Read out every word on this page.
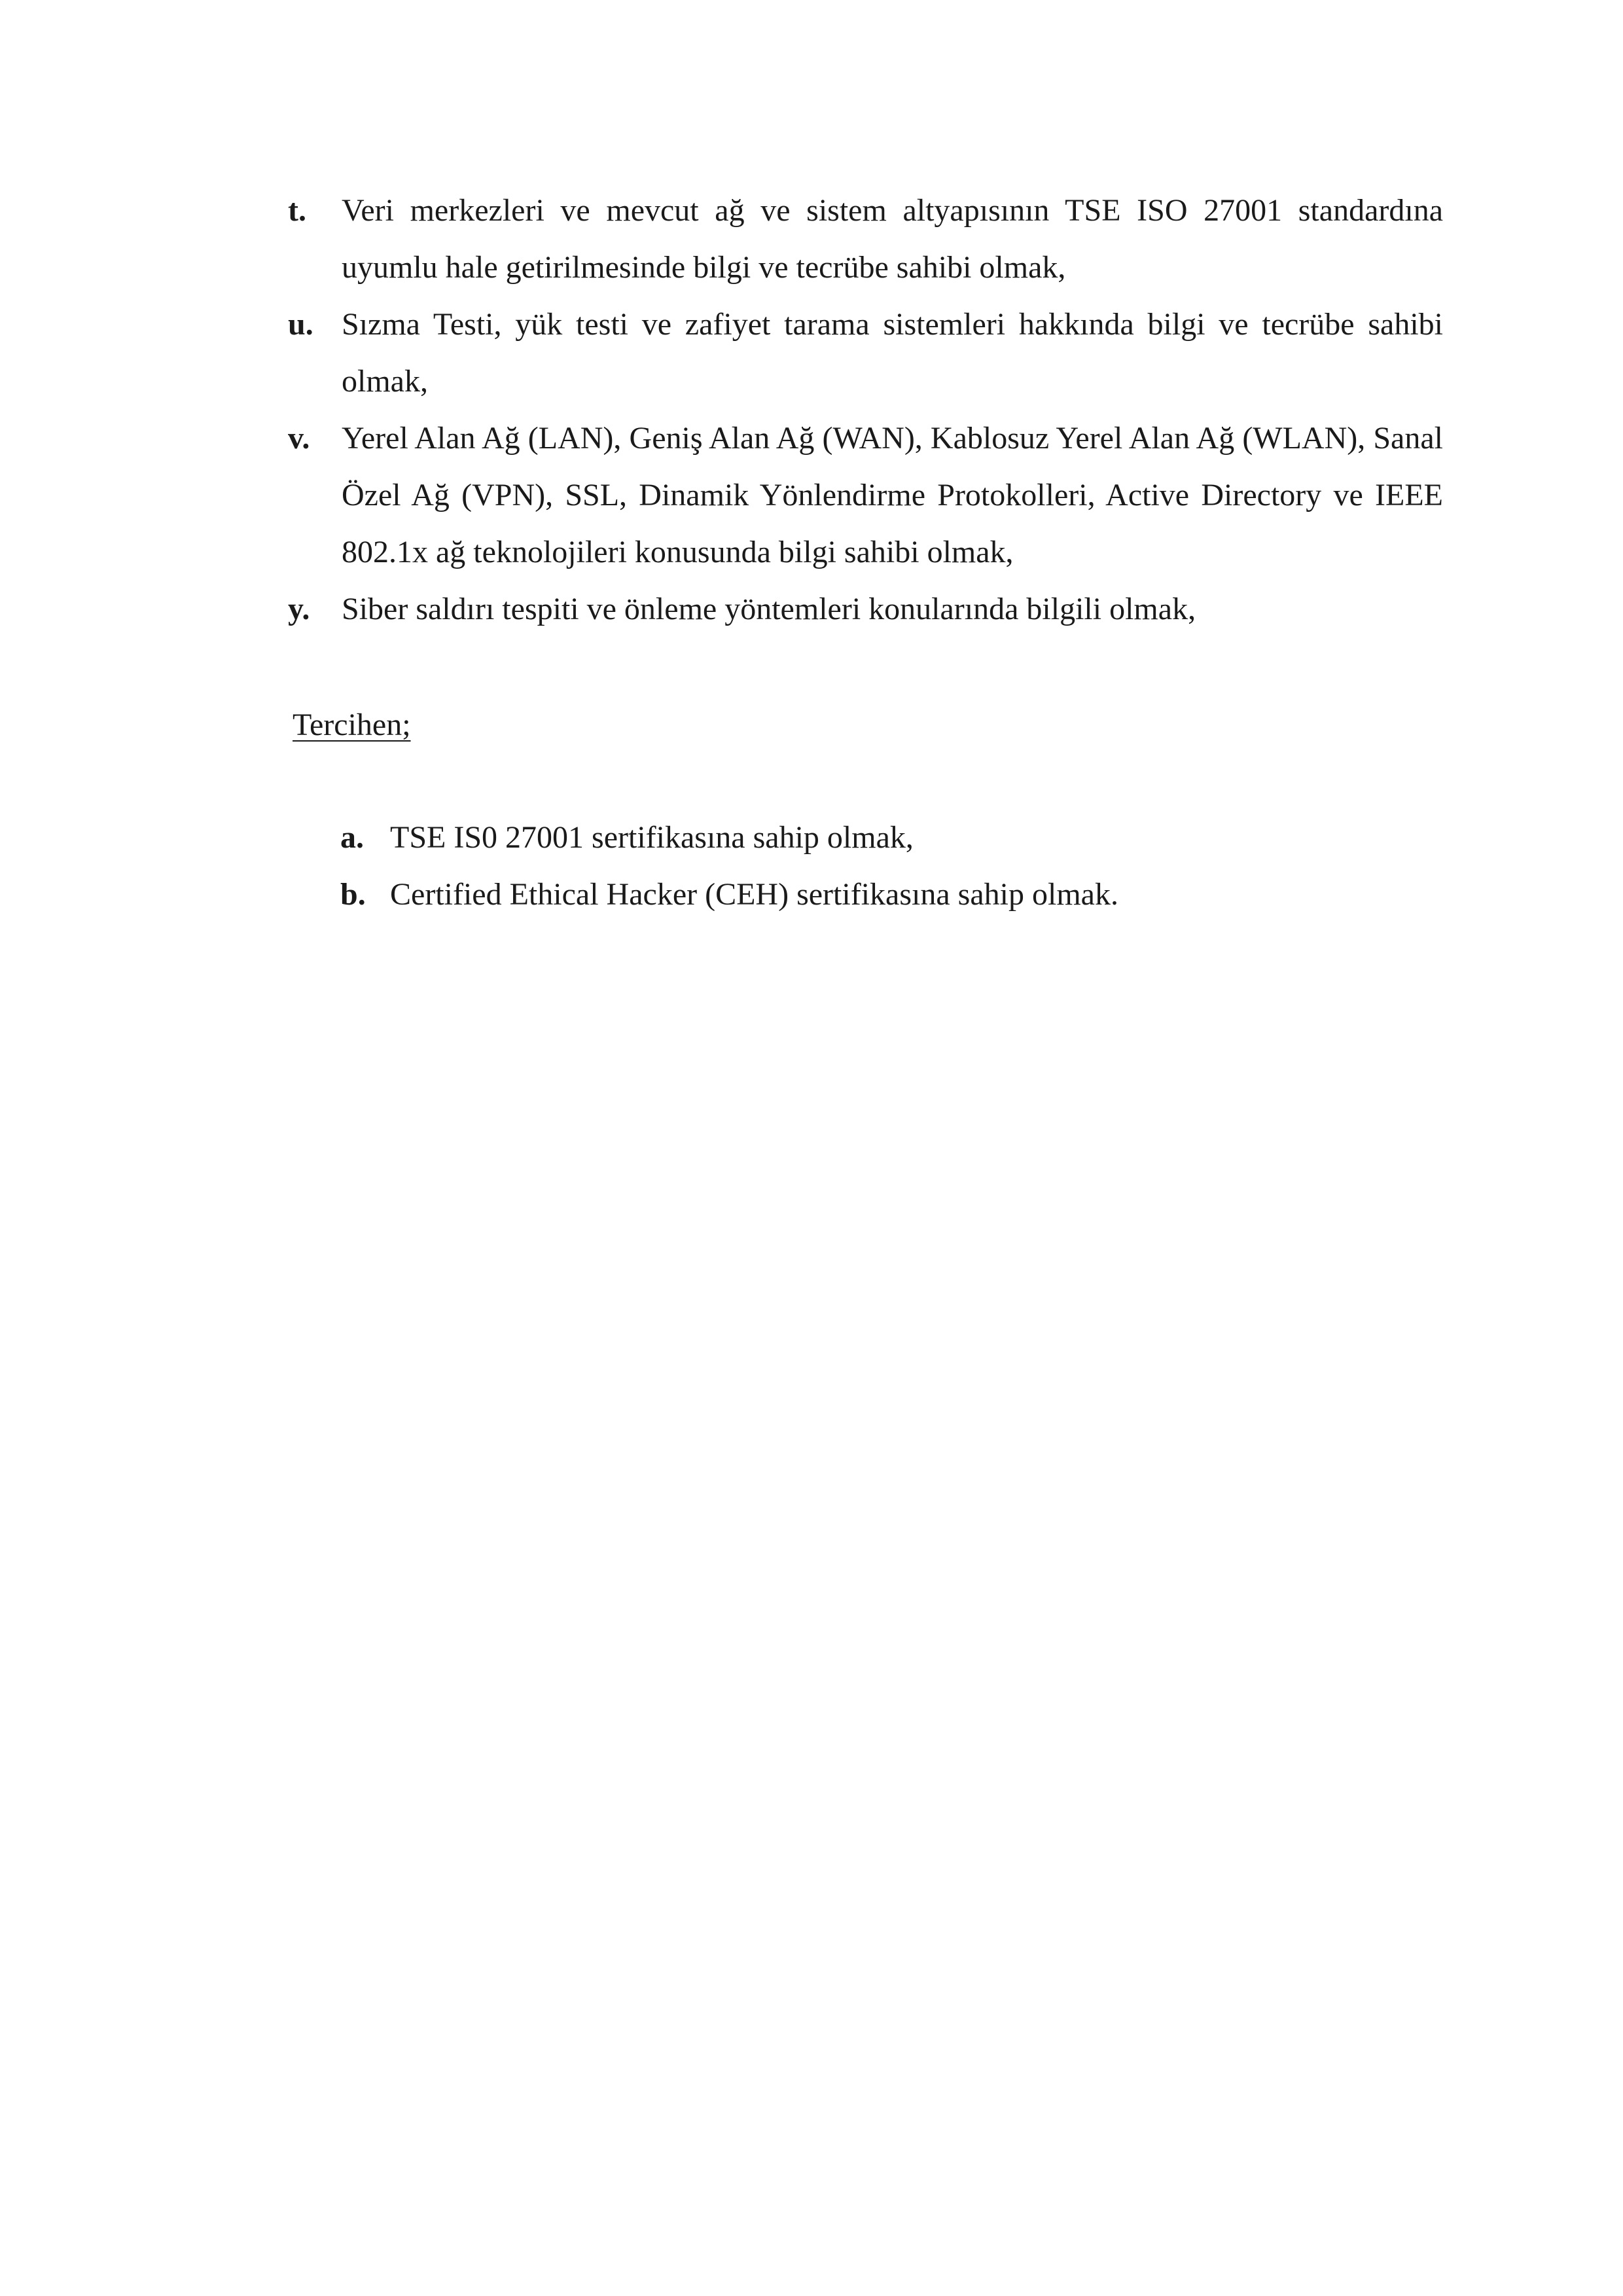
t. Veri merkezleri ve mevcut ağ ve sistem altyapısının TSE ISO 27001 standardına uyumlu hale getirilmesinde bilgi ve tecrübe sahibi olmak,
u. Sızma Testi, yük testi ve zafiyet tarama sistemleri hakkında bilgi ve tecrübe sahibi olmak,
v. Yerel Alan Ağ (LAN), Geniş Alan Ağ (WAN), Kablosuz Yerel Alan Ağ (WLAN), Sanal Özel Ağ (VPN), SSL, Dinamik Yönlendirme Protokolleri, Active Directory ve IEEE 802.1x ağ teknolojileri konusunda bilgi sahibi olmak,
y. Siber saldırı tespiti ve önleme yöntemleri konularında bilgili olmak,
Tercihen;
a. TSE IS0 27001 sertifikasına sahip olmak,
b. Certified Ethical Hacker (CEH) sertifikasına sahip olmak.
